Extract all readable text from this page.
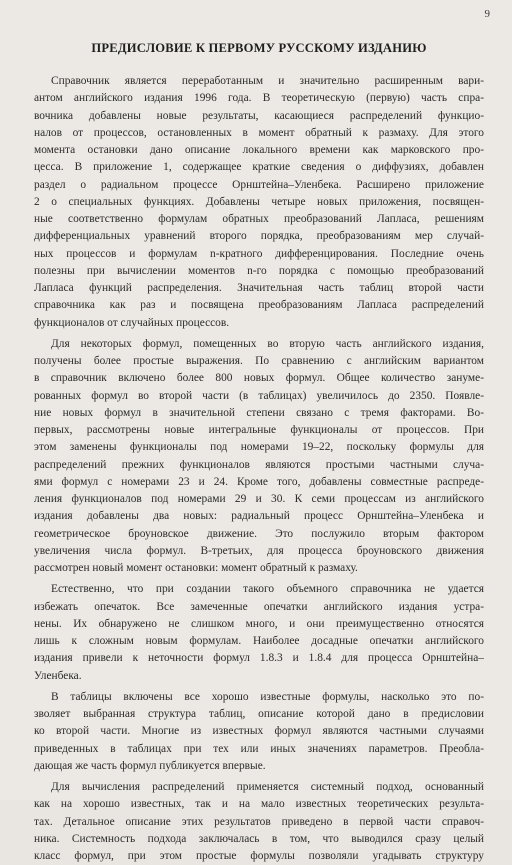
9
ПРЕДИСЛОВИЕ К ПЕРВОМУ РУССКОМУ ИЗДАНИЮ
Справочник является переработанным и значительно расширенным вари-
антом английского издания 1996 года. В теоретическую (первую) часть спра-
вочника добавлены новые результаты, касающиеся распределений функцио-
налов от процессов, остановленных в момент обратный к размаху. Для этого
момента остановки дано описание локального времени как марковского про-
цесса. В приложение 1, содержащее краткие сведения о диффузиях, добавлен
раздел о радиальном процессе Орнштейна–Уленбека. Расширено приложение
2 о специальных функциях. Добавлены четыре новых приложения, посвящен-
ные соответственно формулам обратных преобразований Лапласа, решениям
дифференциальных уравнений второго порядка, преобразованиям мер случай-
ных процессов и формулам n-кратного дифференцирования. Последние очень
полезны при вычислении моментов n-го порядка с помощью преобразований
Лапласа функций распределения. Значительная часть таблиц второй части
справочника как раз и посвящена преобразованиям Лапласа распределений
функционалов от случайных процессов.
Для некоторых формул, помещенных во вторую часть английского издания,
получены более простые выражения. По сравнению с английским вариантом
в справочник включено более 800 новых формул. Общее количество зануме-
рованных формул во второй части (в таблицах) увеличилось до 2350. Появле-
ние новых формул в значительной степени связано с тремя факторами. Во-
первых, рассмотрены новые интегральные функционалы от процессов. При
этом заменены функционалы под номерами 19–22, поскольку формулы для
распределений прежних функционалов являются простыми частными случа-
ями формул с номерами 23 и 24. Кроме того, добавлены совместные распреде-
ления функционалов под номерами 29 и 30. К семи процессам из английского
издания добавлены два новых: радиальный процесс Орнштейна–Уленбека и
геометрическое броуновское движение. Это послужило вторым фактором
увеличения числа формул. В-третьих, для процесса броуновского движения
рассмотрен новый момент остановки: момент обратный к размаху.
Естественно, что при создании такого объемного справочника не удается
избежать опечаток. Все замеченные опечатки английского издания устра-
нены. Их обнаружено не слишком много, и они преимущественно относятся
лишь к сложным новым формулам. Наиболее досадные опечатки английского
издания привели к неточности формул 1.8.3 и 1.8.4 для процесса Орнштейна–
Уленбека.
В таблицы включены все хорошо известные формулы, насколько это по-
зволяет выбранная структура таблиц, описание которой дано в предисловии
ко второй части. Многие из известных формул являются частными случаями
приведенных в таблицах при тех или иных значениях параметров. Преобла-
дающая же часть формул публикуется впервые.
Для вычисления распределений применяется системный подход, основанный
как на хорошо известных, так и на мало известных теоретических результа-
тах. Детальное описание этих результатов приведено в первой части справоч-
ника. Системность подхода заключалась в том, что выводился сразу целый
класс формул, при этом простые формулы позволяли угадывать структуру
